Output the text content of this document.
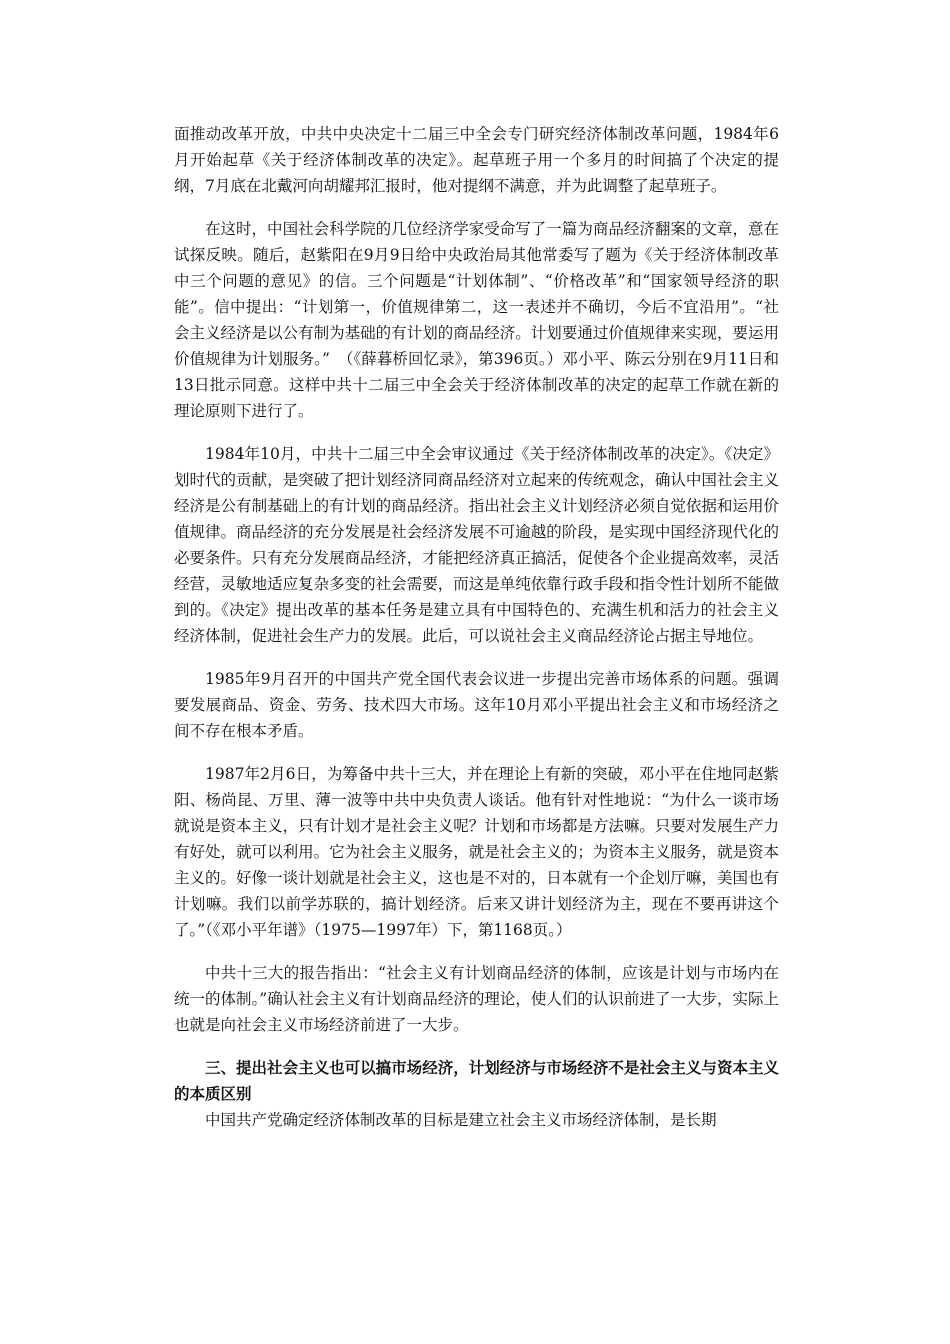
面推动改革开放，中共中央决定十二届三中全会专门研究经济体制改革问题，1984年6月开始起草《关于经济体制改革的决定》。起草班子用一个多月的时间搞了个决定的提纲，7月底在北戴河向胡耀邦汇报时，他对提纲不满意，并为此调整了起草班子。

在这时，中国社会科学院的几位经济学家受命写了一篇为商品经济翻案的文章，意在试探反映。随后，赵紫阳在9月9日给中央政治局其他常委写了题为《关于经济体制改革中三个问题的意见》的信。三个问题是“计划体制”、“价格改革”和“国家领导经济的职能”。信中提出：“计划第一，价值规律第二，这一表述并不确切，今后不宜沿用”。“社会主义经济是以公有制为基础的有计划的商品经济。计划要通过价值规律来实现，要运用价值规律为计划服务。”　（《薛暮桥回忆录》，第396页。）邓小平、陈云分别在9月11日和13日批示同意。这样中共十二届三中全会关于经济体制改革的决定的起草工作就在新的理论原则下进行了。

1984年10月，中共十二届三中全会审议通过《关于经济体制改革的决定》。《决定》划时代的贡献，是突破了把计划经济同商品经济对立起来的传统观念，确认中国社会主义经济是公有制基础上的有计划的商品经济。指出社会主义计划经济必须自觉依据和运用价值规律。商品经济的充分发展是社会经济发展不可逾越的阶段，是实现中国经济现代化的必要条件。只有充分发展商品经济，才能把经济真正搞活，促使各个企业提高效率，灵活经营，灵敏地适应复杂多变的社会需要，而这是单纯依靠行政手段和指令性计划所不能做到的。《决定》提出改革的基本任务是建立具有中国特色的、充满生机和活力的社会主义经济体制，促进社会生产力的发展。此后，可以说社会主义商品经济论占据主导地位。

1985年9月召开的中国共产党全国代表会议进一步提出完善市场体系的问题。强调要发展商品、资金、劳务、技术四大市场。这年10月邓小平提出社会主义和市场经济之间不存在根本矛盾。

1987年2月6日，为筹备中共十三大，并在理论上有新的突破，邓小平在住地同赵紫阳、杨尚昆、万里、薄一波等中共中央负责人谈话。他有针对性地说：“为什么一谈市场就说是资本主义，只有计划才是社会主义呢？计划和市场都是方法嘛。只要对发展生产力有好处，就可以利用。它为社会主义服务，就是社会主义的；为资本主义服务，就是资本主义的。好像一谈计划就是社会主义，这也是不对的，日本就有一个企划厅嘛，美国也有计划嘛。我们以前学苏联的，搞计划经济。后来又讲计划经济为主，现在不要再讲这个了。”（《邓小平年谱》（1975—1997年）下，第1168页。）

中共十三大的报告指出：“社会主义有计划商品经济的体制，应该是计划与市场内在统一的体制。”确认社会主义有计划商品经济的理论，使人们的认识前进了一大步，实际上也就是向社会主义市场经济前进了一大步。

三、提出社会主义也可以搞市场经济，计划经济与市场经济不是社会主义与资本主义的本质区别

中国共产党确定经济体制改革的目标是建立社会主义市场经济体制，是长期
